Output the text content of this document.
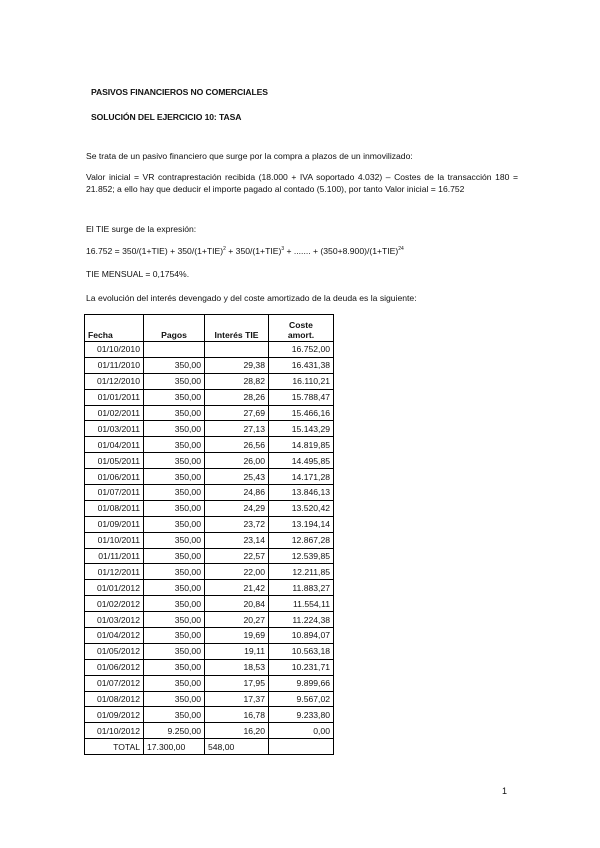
PASIVOS FINANCIEROS NO COMERCIALES
SOLUCIÓN DEL EJERCICIO 10: TASA
Se trata de un pasivo financiero que surge por la compra a plazos de un inmovilizado:
Valor inicial = VR contraprestación recibida (18.000 + IVA soportado 4.032) – Costes de la transacción 180 = 21.852; a ello hay que deducir el importe pagado al contado (5.100), por tanto Valor inicial = 16.752
El TIE surge de la expresión:
$16.752 = 350/(1+TIE) + 350/(1+TIE)^2 + 350/(1+TIE)^3$ + ....... + $(350+8.900)/(1+TIE)^{24}$
TIE MENSUAL = 0,1754%.
La evolución del interés devengado y del coste amortizado de la deuda es la siguiente:
Fecha	Pagos	Interés TIE	Coste
amort.
01/10/2010			16.752,00
01/11/2010	350,00	29,38	16.431,38
01/12/2010	350,00	28,82	16.110,21
01/01/2011	350,00	28,26	15.788,47
01/02/2011	350,00	27,69	15.466,16
01/03/2011	350,00	27,13	15.143,29
01/04/2011	350,00	26,56	14.819,85
01/05/2011	350,00	26,00	14.495,85
01/06/2011	350,00	25,43	14.171,28
01/07/2011	350,00	24,86	13.846,13
01/08/2011	350,00	24,29	13.520,42
01/09/2011	350,00	23,72	13.194,14
01/10/2011	350,00	23,14	12.867,28
01/11/2011	350,00	22,57	12.539,85
01/12/2011	350,00	22,00	12.211,85
01/01/2012	350,00	21,42	11.883,27
01/02/2012	350,00	20,84	11.554,11
01/03/2012	350,00	20,27	11.224,38
01/04/2012	350,00	19,69	10.894,07
01/05/2012	350,00	19,11	10.563,18
01/06/2012	350,00	18,53	10.231,71
01/07/2012	350,00	17,95	9.899,66
01/08/2012	350,00	17,37	9.567,02
01/09/2012	350,00	16,78	9.233,80
01/10/2012	9.250,00	16,20	0,00
TOTAL	17.300,00	548,00	
1
